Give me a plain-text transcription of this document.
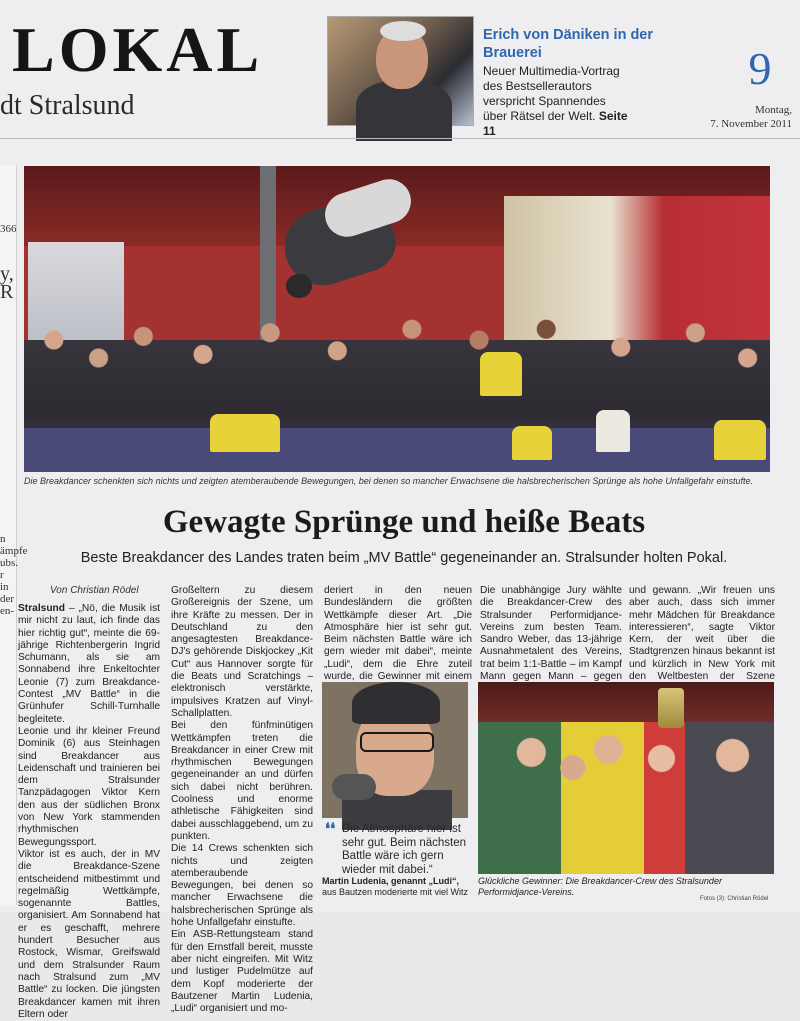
LOKAL
dt Stralsund
Erich von Däniken in der Brauerei
Neuer Multimedia-Vortrag des Bestsellerautors verspricht Spannendes über Rätsel der Welt. Seite 11
9
Montag,
7. November 2011
366
y,
R
n
ämpfe
ubs.
r
in
der
en-
Die Breakdancer schenkten sich nichts und zeigten atemberaubende Bewegungen, bei denen so mancher Erwachsene die halsbrecherischen Sprünge als hohe Unfallgefahr einstufte.
Gewagte Sprünge und heiße Beats
Beste Breakdancer des Landes traten beim „MV Battle“ gegeneinander an. Stralsunder holten Pokal.
Von Christian Rödel

Stralsund – „Nö, die Musik ist mir nicht zu laut, ich finde das hier richtig gut“, meinte die 69-jährige Richtenbergerin Ingrid Schumann, als sie am Sonnabend ihre Enkeltochter Leonie (7) zum Breakdance-Contest „MV Battle“ in die Grünhufer Schill-Turnhalle begleitete.

Leonie und ihr kleiner Freund Dominik (6) aus Steinhagen sind Breakdancer aus Leidenschaft und trainieren bei dem Stralsunder Tanzpädagogen Viktor Kern den aus der südlichen Bronx von New York stammenden rhythmischen Bewegungssport.

Viktor ist es auch, der in MV die Breakdance-Szene entscheidend mitbestimmt und regelmäßig Wettkämpfe, sogenannte Battles, organisiert. Am Sonnabend hat er es geschafft, mehrere hundert Besucher aus Rostock, Wismar, Greifswald und dem Stralsunder Raum nach Stralsund zum „MV Battle“ zu locken. Die jüngsten Breakdancer kamen mit ihren Eltern oder

Großeltern zu diesem Großereignis der Szene, um ihre Kräfte zu messen. Der in Deutschland zu den angesagtesten Breakdance-DJ's gehörende Diskjockey „Kit Cut“ aus Hannover sorgte für die Beats und Scratchings – elektronisch verstärkte, impulsives Kratzen auf Vinyl-Schallplatten.

Bei den fünfminütigen Wettkämpfen treten die Breakdancer in einer Crew mit rhythmischen Bewegungen gegeneinander an und dürfen sich dabei nicht berühren. Coolness und enorme athletische Fähigkeiten sind dabei ausschlaggebend, um zu punkten.

Die 14 Crews schenkten sich nichts und zeigten atemberaubende Bewegungen, bei denen so mancher Erwachsene die halsbrecherischen Sprünge als hohe Unfallgefahr einstufte.

Ein ASB-Rettungsteam stand für den Ernstfall bereit, musste aber nicht eingreifen. Mit Witz und lustiger Pudelmütze auf dem Kopf moderierte der Bautzener Martin Ludenia, „Ludi“ organisiert und mo-

deriert in den neuen Bundesländern die größten Wettkämpfe dieser Art. „Die Atmosphäre hier ist sehr gut. Beim nächsten Battle wäre ich gern wieder mit dabei“, meinte „Ludi“, dem die Ehre zuteil wurde, die Gewinner mit einem

Die unabhängige Jury wählte die Breakdancer-Crew des Stralsunder Performidjance-Vereins zum besten Team. Sandro Weber, das 13-jährige Ausnahmetalent des Vereins, trat beim 1:1-Battle – im Kampf Mann gegen Mann – gegen

und gewann. „Wir freuen uns aber auch, dass sich immer mehr Mädchen für Breakdance interessieren“, sagte Viktor Kern, der weit über die Stadtgrenzen hinaus bekannt ist und kürzlich in New York mit den Weltbesten der Szene

❛❛ Die Atmosphäre hier ist sehr gut. Beim nächsten Battle wäre ich gern wieder mit dabei.“
Martin Ludenia, genannt „Ludi“,
aus Bautzen moderierte mit viel Witz
Glückliche Gewinner: Die Breakdancer-Crew des Stralsunder Performidjance-Vereins.
Fotos (3): Christian Rödel
